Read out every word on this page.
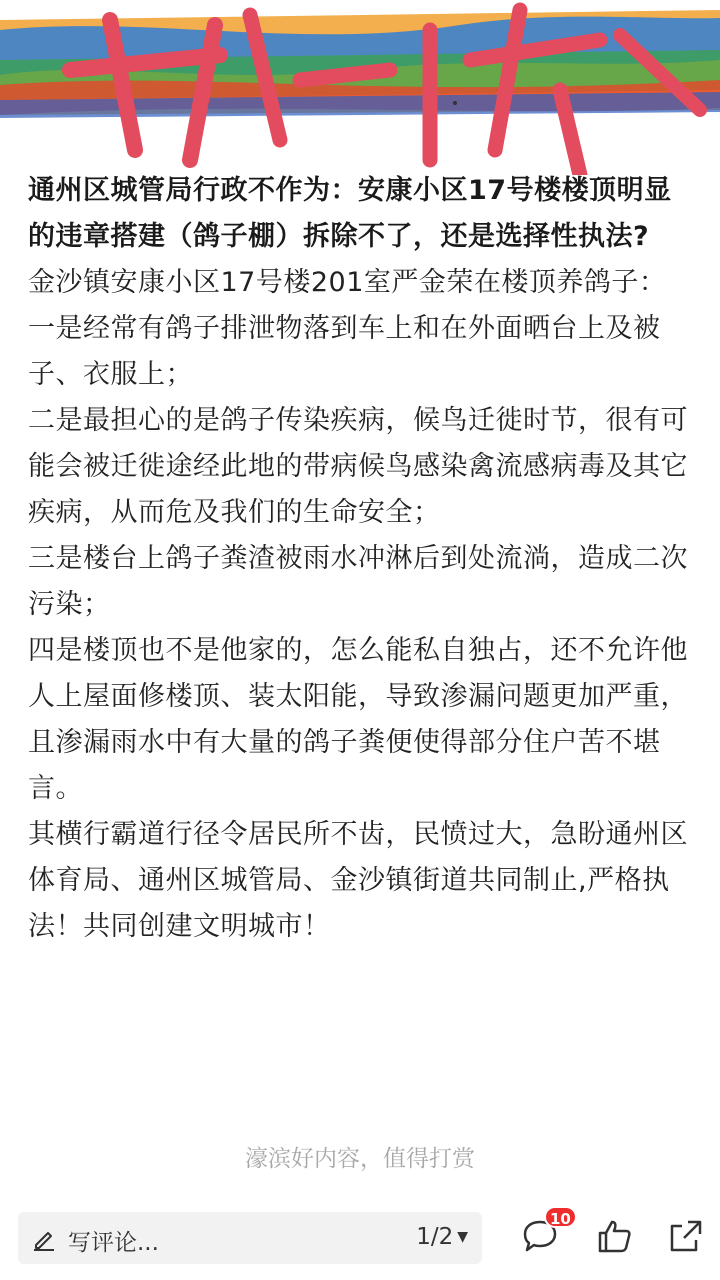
通州区城管局行政不作为：安康小区17号楼楼顶明显的违章搭建（鸽子棚）拆除不了，还是选择性执法?

金沙镇安康小区17号楼201室严金荣在楼顶养鸽子：

一是经常有鸽子排泄物落到车上和在外面晒台上及被子、衣服上；

二是最担心的是鸽子传染疾病，候鸟迁徙时节，很有可能会被迁徙途经此地的带病候鸟感染禽流感病毒及其它疾病，从而危及我们的生命安全；

三是楼台上鸽子粪渣被雨水冲淋后到处流淌，造成二次污染；

四是楼顶也不是他家的，怎么能私自独占，还不允许他人上屋面修楼顶、装太阳能，导致渗漏问题更加严重，且渗漏雨水中有大量的鸽子粪便使得部分住户苦不堪言。

其横行霸道行径令居民所不齿，民愤过大，急盼通州区体育局、通州区城管局、金沙镇街道共同制止,严格执法！共同创建文明城市！

濠滨好内容，值得打赏
写评论...	1/2 ▼
10
